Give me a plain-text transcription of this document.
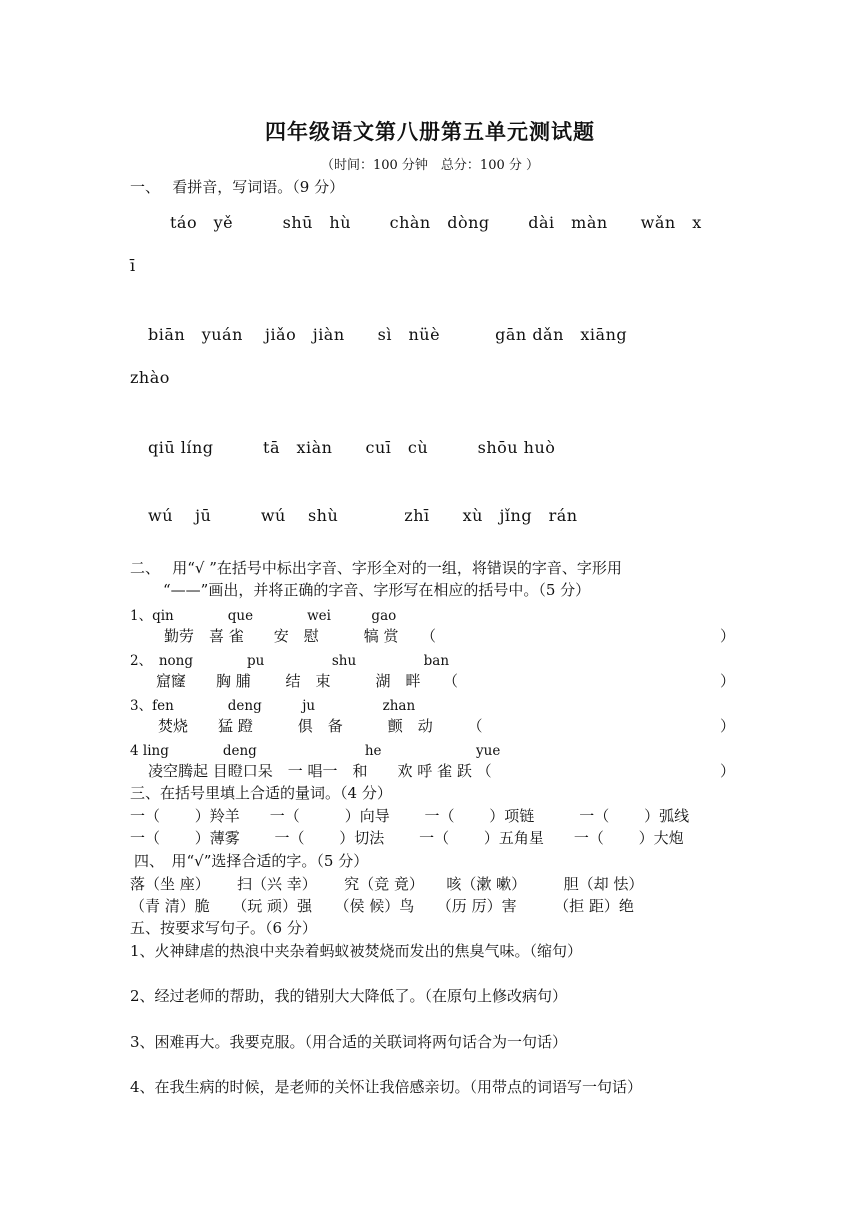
四年级语文第八册第五单元测试题
（时间：100 分钟　总分：100 分 ）
一、　 看拼音，写词语。（9 分）
táo　yě　　　shū　hù　　 chàn　dòng　　 dài　màn　　wǎn　x
ī
biān　yuán　 jiǎo　jiàn　　sì　nüè　　　 gān dǎn　xiāng
zhào
qiū líng　　　tā　xiàn　　cuī　cù　　　shōu huò
wú　 jū　　　wú　 shù　　　　zhī　　xù　jǐng　rán
二、　 用“√ ”在括号中标出字音、字形全对的一组，将错误的字音、字形用
“——”画出，并将正确的字音、字形写在相应的括号中。（5 分）
1、qin　　　　que　　　　wei　　　gao
勤劳　喜 雀　　安　慰　　　犒 赏　　（	）
2、　nong　　　　pu　　　　　shu　　　　　ban
窟窿　　胸 脯　　 结　束　　　湖　畔　　（	）
3、fen　　　　deng　　　ju　　　　　zhan
焚烧　　猛 蹬　　　俱　备　　　颤　动　　 （	）
4 ling　　　　deng　　　　　　　　he　　　　　　　yue
凌空腾起 目瞪口呆　一 唱一　和　　欢 呼 雀 跃 （	）
三、在括号里填上合适的量词。（4 分）
一（　　 ）羚羊　　一（　　　）向导　　 一（　　 ）项链　　　一（　　 ）弧线
一（　　 ）薄雾　　 一（　　 ）切法　　 一（　　 ）五角星　　一（　　 ）大炮
四、　用“√”选择合适的字。（5 分）
落（坐 座）　　 扫（兴 幸）　　 究（竞 竟）　　咳（漱 嗽）　　　胆（却 怯）
（青 清）脆　　（玩 顽）强　　（侯 候）鸟　　（历 厉）害　　　（拒 距）绝
五、按要求写句子。（6 分）
1、火神肆虐的热浪中夹杂着蚂蚁被焚烧而发出的焦臭气味。（缩句）
2、经过老师的帮助，我的错别大大降低了。（在原句上修改病句）
3、困难再大。我要克服。（用合适的关联词将两句话合为一句话）
4、在我生病的时候，是老师的关怀让我倍感亲切。（用带点的词语写一句话）
